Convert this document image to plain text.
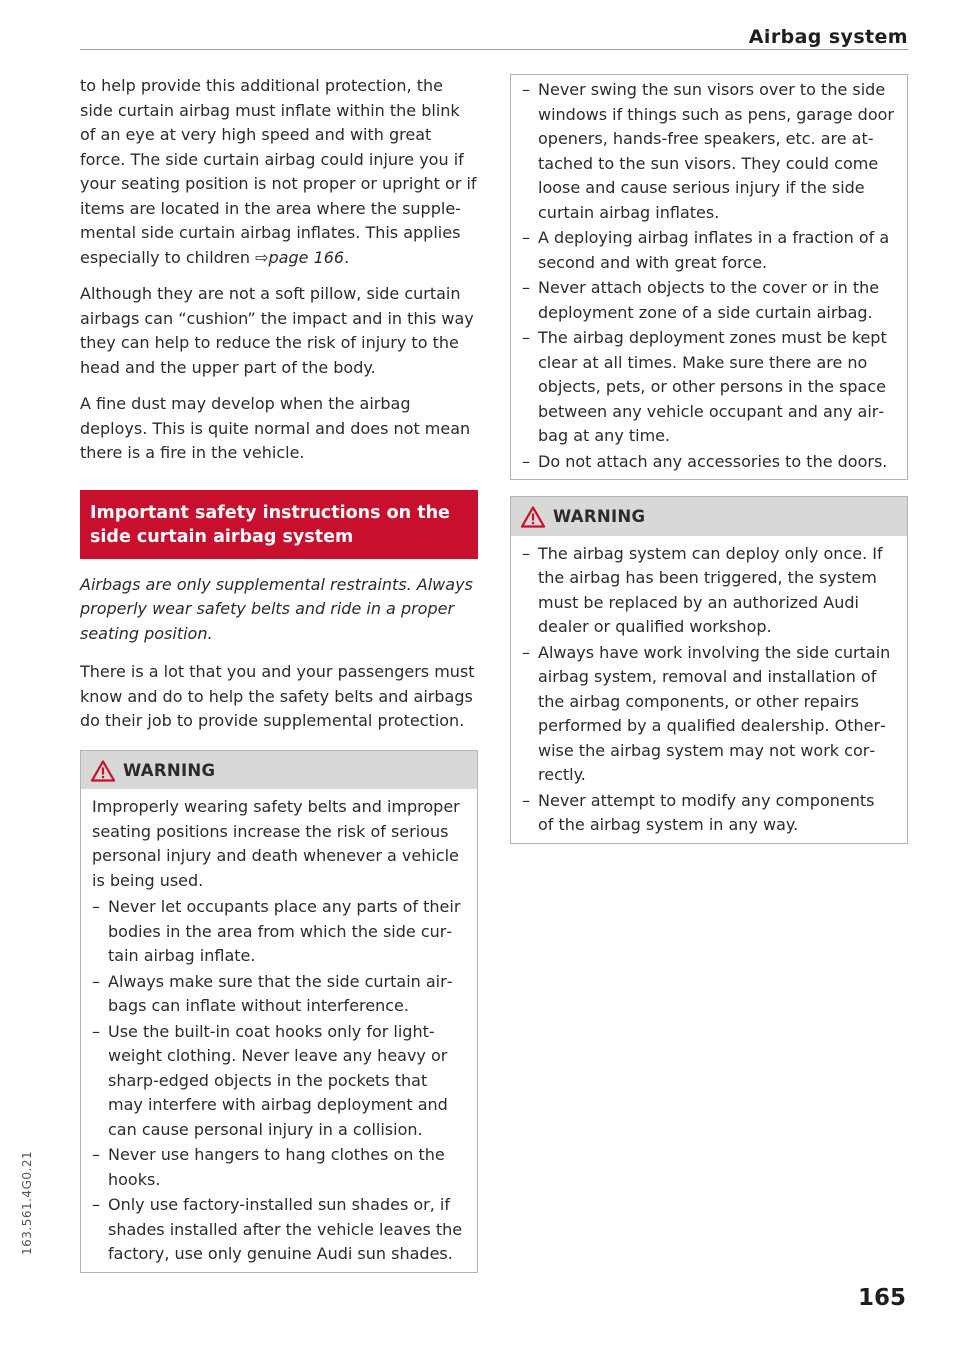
Airbag system

to help provide this additional protection, the side curtain airbag must inflate within the blink of an eye at very high speed and with great force. The side curtain airbag could injure you if your seating position is not proper or upright or if items are located in the area where the supplemental side curtain airbag inflates. This applies especially to children ⇨page 166.

Although they are not a soft pillow, side curtain airbags can “cushion” the impact and in this way they can help to reduce the risk of injury to the head and the upper part of the body.

A fine dust may develop when the airbag deploys. This is quite normal and does not mean there is a fire in the vehicle.

Important safety instructions on the side curtain airbag system

Airbags are only supplemental restraints. Always properly wear safety belts and ride in a proper seating position.

There is a lot that you and your passengers must know and do to help the safety belts and airbags do their job to provide supplemental protection.

WARNING

Improperly wearing safety belts and improper seating positions increase the risk of serious personal injury and death whenever a vehicle is being used.

– Never let occupants place any parts of their bodies in the area from which the side curtain airbag inflate.
– Always make sure that the side curtain airbags can inflate without interference.
– Use the built-in coat hooks only for lightweight clothing. Never leave any heavy or sharp-edged objects in the pockets that may interfere with airbag deployment and can cause personal injury in a collision.
– Never use hangers to hang clothes on the hooks.
– Only use factory-installed sun shades or, if shades installed after the vehicle leaves the factory, use only genuine Audi sun shades.
– Never swing the sun visors over to the side windows if things such as pens, garage door openers, hands-free speakers, etc. are attached to the sun visors. They could come loose and cause serious injury if the side curtain airbag inflates.
– A deploying airbag inflates in a fraction of a second and with great force.
– Never attach objects to the cover or in the deployment zone of a side curtain airbag.
– The airbag deployment zones must be kept clear at all times. Make sure there are no objects, pets, or other persons in the space between any vehicle occupant and any airbag at any time.
– Do not attach any accessories to the doors.
WARNING
– The airbag system can deploy only once. If the airbag has been triggered, the system must be replaced by an authorized Audi dealer or qualified workshop.
– Always have work involving the side curtain airbag system, removal and installation of the airbag components, or other repairs performed by a qualified dealership. Otherwise the airbag system may not work correctly.
– Never attempt to modify any components of the airbag system in any way.
163.561.4G0.21
165
